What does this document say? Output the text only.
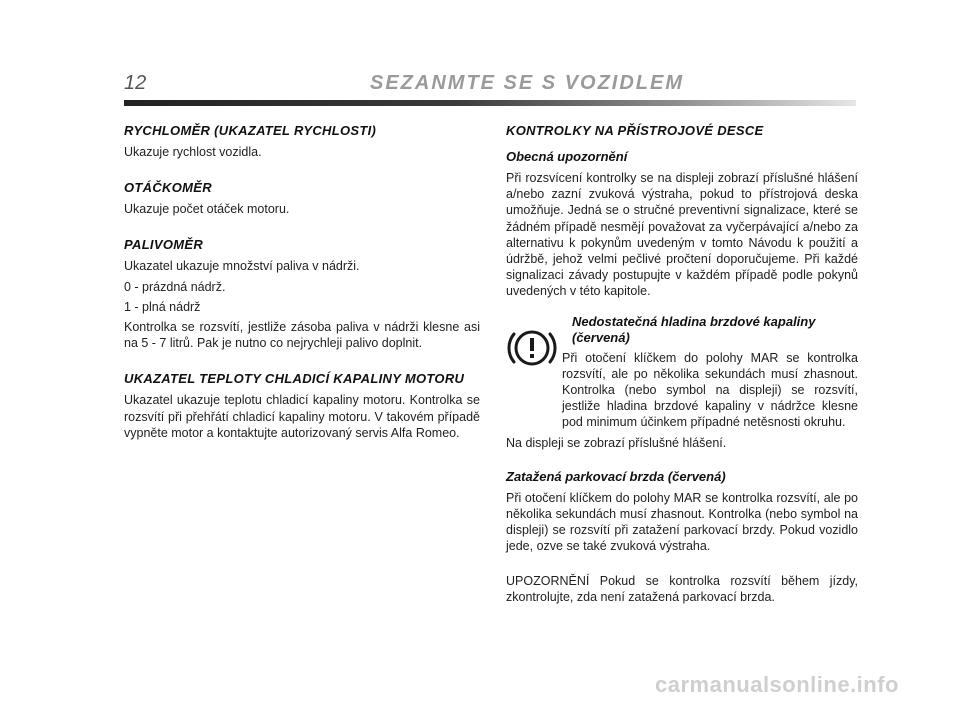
12	SEZANMTE SE S VOZIDLEM
RYCHLOMĚR (UKAZATEL RYCHLOSTI)

Ukazuje rychlost vozidla.

OTÁČKOMĚR

Ukazuje počet otáček motoru.

PALIVOMĚR

Ukazatel ukazuje množství paliva v nádrži.

0 - prázdná nádrž.

1 - plná nádrž

Kontrolka se rozsvítí, jestliže zásoba paliva v nádrži klesne asi na 5 - 7 litrů. Pak je nutno co nejrychleji palivo doplnit.

UKAZATEL TEPLOTY CHLADICÍ KAPALINY MOTORU

Ukazatel ukazuje teplotu chladicí kapaliny motoru. Kontrolka se rozsvítí při přehřátí chladicí kapaliny motoru. V takovém případě vypněte motor a kontaktujte autorizovaný servis Alfa Romeo.

KONTROLKY NA PŘÍSTROJOVÉ DESCE
Obecná upozornění

Při rozsvícení kontrolky se na displeji zobrazí příslušné hlášení a/nebo zazní zvuková výstraha, pokud to přístrojová deska umožňuje. Jedná se o stručné preventivní signalizace, které se žádném případě nesmějí považovat za vyčerpávající a/nebo za alternativu k pokynům uvedeným v tomto Návodu k použití a údržbě, jehož velmi pečlivé pročtení doporučujeme. Při každé signalizaci závady postupujte v každém případě podle pokynů uvedených v této kapitole.

Nedostatečná hladina brzdové kapaliny (červená)

Při otočení klíčkem do polohy MAR se kontrolka rozsvítí, ale po několika sekundách musí zhasnout. Kontrolka (nebo symbol na displeji) se rozsvítí, jestliže hladina brzdové kapaliny v nádržce klesne pod minimum účinkem případné netěsnosti okruhu.

Na displeji se zobrazí příslušné hlášení.

Zatažená parkovací brzda (červená)

Při otočení klíčkem do polohy MAR se kontrolka rozsvítí, ale po několika sekundách musí zhasnout. Kontrolka (nebo symbol na displeji) se rozsvítí při zatažení parkovací brzdy. Pokud vozidlo jede, ozve se také zvuková výstraha.

UPOZORNĚNÍ Pokud se kontrolka rozsvítí během jízdy, zkontrolujte, zda není zatažená parkovací brzda.

carmanualsonline.info
